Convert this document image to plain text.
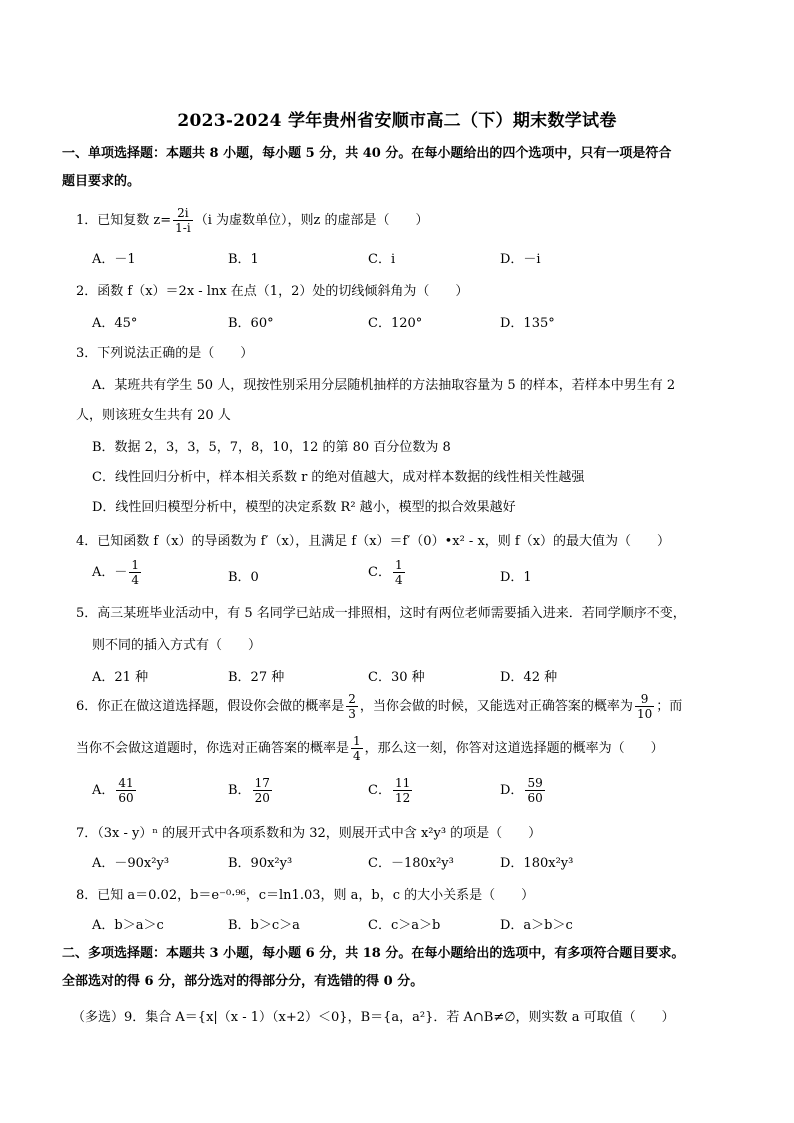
2023-2024 学年贵州省安顺市高二（下）期末数学试卷
一、单项选择题：本题共 8 小题，每小题 5 分，共 40 分。在每小题给出的四个选项中，只有一项是符合
题目要求的。
1．已知复数 $z= \frac{2i}{1-i} (i$ 为虚数单位），则z 的虚部是（　　）
A．－1	B．1	C．i	D．－i
2．函数 f（x）＝2x - lnx 在点（1，2）处的切线倾斜角为（　　）
A．45°	B．60°	C．120°	D．135°
3．下列说法正确的是（　　）
A．某班共有学生 50 人，现按性别采用分层随机抽样的方法抽取容量为 5 的样本，若样本中男生有 2
人，则该班女生共有 20 人
B．数据 2，3，3，5，7，8，10，12 的第 80 百分位数为 8
C．线性回归分析中，样本相关系数 r 的绝对值越大，成对样本数据的线性相关性越强
D．线性回归模型分析中，模型的决定系数 R² 越小，模型的拟合效果越好
4．已知函数 f（x）的导函数为 f′（x），且满足 f（x）＝f′（0）•x² - x，则 f（x）的最大值为（　　）
A．－ $\frac{1}{4}$	B．0	C． $\frac{1}{4}$	D．1
5．高三某班毕业活动中，有 5 名同学已站成一排照相，这时有两位老师需要插入进来．若同学顺序不变，
则不同的插入方式有（　　）
A．21 种	B．27 种	C．30 种	D．42 种
6．你正在做这道选择题，假设你会做的概率是 $\frac{2}{3}$ ，当你会做的时候，又能选对正确答案的概率为 $\frac{9}{10}$ ；而
当你不会做这道题时，你选对正确答案的概率是 $\frac{1}{4}$ ，那么这一刻，你答对这道选择题的概率为（　　）
A． $\frac{41}{60}$	B． $\frac{17}{20}$	C． $\frac{11}{12}$	D． $\frac{59}{60}$
7．（3x - y）ⁿ 的展开式中各项系数和为 32，则展开式中含 x²y³ 的项是（　　）
A．－90x²y³	B．90x²y³	C．－180x²y³	D．180x²y³
8．已知 a＝0.02，b＝e⁻⁰·⁹⁶，c＝ln1.03，则 a，b，c 的大小关系是（　　）
A．b＞a＞c	B．b＞c＞a	C．c＞a＞b	D．a＞b＞c
二、多项选择题：本题共 3 小题，每小题 6 分，共 18 分。在每小题给出的选项中，有多项符合题目要求。
全部选对的得 6 分，部分选对的得部分分，有选错的得 0 分。
（多选）9．集合 A＝{x|（x - 1）（x+2）＜0}，B＝{a，a²}．若 A∩B≠∅，则实数 a 可取值（　　）
